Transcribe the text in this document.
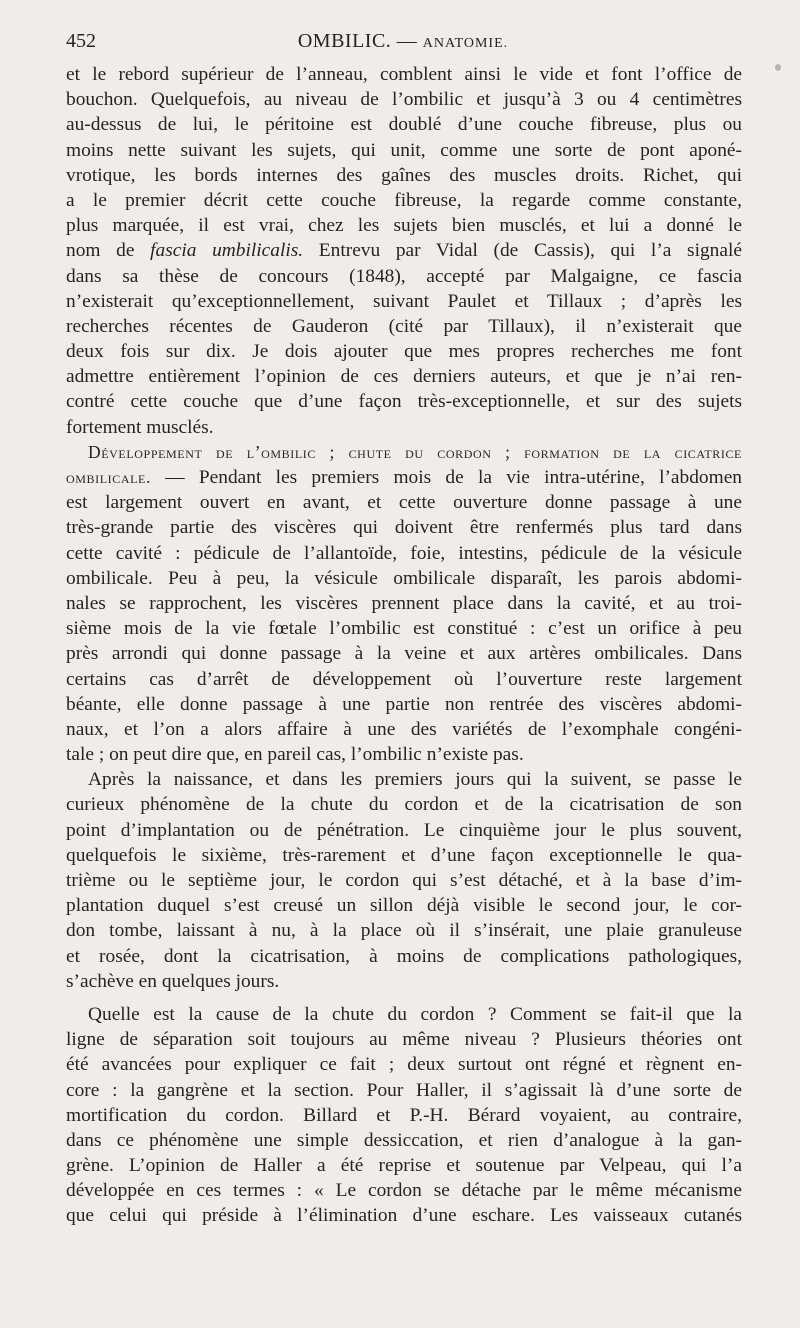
452	OMBILIC. — ANATOMIE.
et le rebord supérieur de l’anneau, comblent ainsi le vide et font l’office de
bouchon. Quelquefois, au niveau de l’ombilic et jusqu’à 3 ou 4 centimètres
au-dessus de lui, le péritoine est doublé d’une couche fibreuse, plus ou
moins nette suivant les sujets, qui unit, comme une sorte de pont aponé-
vrotique, les bords internes des gaînes des muscles droits. Richet, qui
a le premier décrit cette couche fibreuse, la regarde comme constante,
plus marquée, il est vrai, chez les sujets bien musclés, et lui a donné le
nom de fascia umbilicalis. Entrevu par Vidal (de Cassis), qui l’a signalé
dans sa thèse de concours (1848), accepté par Malgaigne, ce fascia
n’existerait qu’exceptionnellement, suivant Paulet et Tillaux ; d’après les
recherches récentes de Gauderon (cité par Tillaux), il n’existerait que
deux fois sur dix. Je dois ajouter que mes propres recherches me font
admettre entièrement l’opinion de ces derniers auteurs, et que je n’ai ren-
contré cette couche que d’une façon très-exceptionnelle, et sur des sujets
fortement musclés.
Développement de l’ombilic ; chute du cordon ; formation de la cicatrice
ombilicale. — Pendant les premiers mois de la vie intra-utérine, l’abdomen
est largement ouvert en avant, et cette ouverture donne passage à une
très-grande partie des viscères qui doivent être renfermés plus tard dans
cette cavité : pédicule de l’allantoïde, foie, intestins, pédicule de la vésicule
ombilicale. Peu à peu, la vésicule ombilicale disparaît, les parois abdomi-
nales se rapprochent, les viscères prennent place dans la cavité, et au troi-
sième mois de la vie fœtale l’ombilic est constitué : c’est un orifice à peu
près arrondi qui donne passage à la veine et aux artères ombilicales. Dans
certains cas d’arrêt de développement où l’ouverture reste largement
béante, elle donne passage à une partie non rentrée des viscères abdomi-
naux, et l’on a alors affaire à une des variétés de l’exomphale congéni-
tale ; on peut dire que, en pareil cas, l’ombilic n’existe pas.
Après la naissance, et dans les premiers jours qui la suivent, se passe le
curieux phénomène de la chute du cordon et de la cicatrisation de son
point d’implantation ou de pénétration. Le cinquième jour le plus souvent,
quelquefois le sixième, très-rarement et d’une façon exceptionnelle le qua-
trième ou le septième jour, le cordon qui s’est détaché, et à la base d’im-
plantation duquel s’est creusé un sillon déjà visible le second jour, le cor-
don tombe, laissant à nu, à la place où il s’insérait, une plaie granuleuse
et rosée, dont la cicatrisation, à moins de complications pathologiques,
s’achève en quelques jours.
Quelle est la cause de la chute du cordon ? Comment se fait-il que la
ligne de séparation soit toujours au même niveau ? Plusieurs théories ont
été avancées pour expliquer ce fait ; deux surtout ont régné et règnent en-
core : la gangrène et la section. Pour Haller, il s’agissait là d’une sorte de
mortification du cordon. Billard et P.-H. Bérard voyaient, au contraire,
dans ce phénomène une simple dessiccation, et rien d’analogue à la gan-
grène. L’opinion de Haller a été reprise et soutenue par Velpeau, qui l’a
développée en ces termes : « Le cordon se détache par le même mécanisme
que celui qui préside à l’élimination d’une eschare. Les vaisseaux cutanés
